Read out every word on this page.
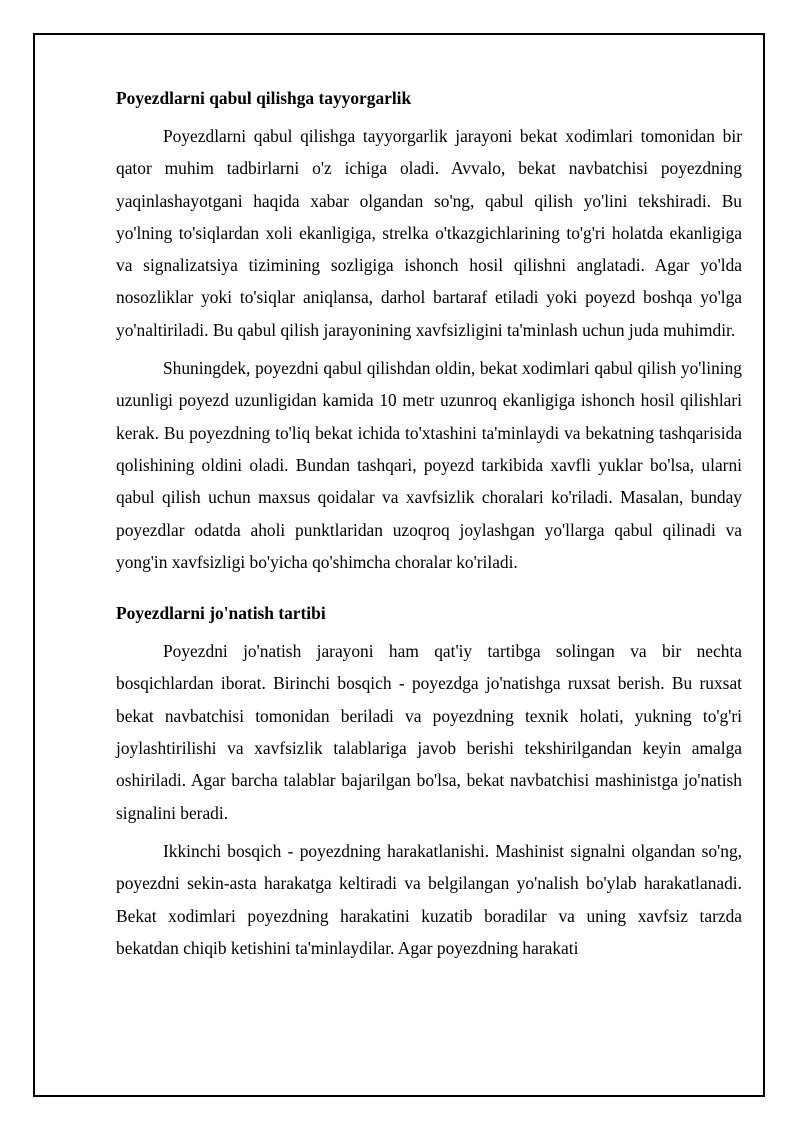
Poyezdlarni qabul qilishga tayyorgarlik

Poyezdlarni qabul qilishga tayyorgarlik jarayoni bekat xodimlari tomonidan bir qator muhim tadbirlarni o'z ichiga oladi. Avvalo, bekat navbatchisi poyezdning yaqinlashayotgani haqida xabar olgandan so'ng, qabul qilish yo'lini tekshiradi. Bu yo'lning to'siqlardan xoli ekanligiga, strelka o'tkazgichlarining to'g'ri holatda ekanligiga va signalizatsiya tizimining sozligiga ishonch hosil qilishni anglatadi. Agar yo'lda nosozliklar yoki to'siqlar aniqlansa, darhol bartaraf etiladi yoki poyezd boshqa yo'lga yo'naltiriladi. Bu qabul qilish jarayonining xavfsizligini ta'minlash uchun juda muhimdir.

Shuningdek, poyezdni qabul qilishdan oldin, bekat xodimlari qabul qilish yo'lining uzunligi poyezd uzunligidan kamida 10 metr uzunroq ekanligiga ishonch hosil qilishlari kerak. Bu poyezdning to'liq bekat ichida to'xtashini ta'minlaydi va bekatning tashqarisida qolishining oldini oladi. Bundan tashqari, poyezd tarkibida xavfli yuklar bo'lsa, ularni qabul qilish uchun maxsus qoidalar va xavfsizlik choralari ko'riladi. Masalan, bunday poyezdlar odatda aholi punktlaridan uzoqroq joylashgan yo'llarga qabul qilinadi va yong'in xavfsizligi bo'yicha qo'shimcha choralar ko'riladi.

Poyezdlarni jo'natish tartibi

Poyezdni jo'natish jarayoni ham qat'iy tartibga solingan va bir nechta bosqichlardan iborat. Birinchi bosqich - poyezdga jo'natishga ruxsat berish. Bu ruxsat bekat navbatchisi tomonidan beriladi va poyezdning texnik holati, yukning to'g'ri joylashtirilishi va xavfsizlik talablariga javob berishi tekshirilgandan keyin amalga oshiriladi. Agar barcha talablar bajarilgan bo'lsa, bekat navbatchisi mashinistga jo'natish signalini beradi.

Ikkinchi bosqich - poyezdning harakatlanishi. Mashinist signalni olgandan so'ng, poyezdni sekin-asta harakatga keltiradi va belgilangan yo'nalish bo'ylab harakatlanadi. Bekat xodimlari poyezdning harakatini kuzatib boradilar va uning xavfsiz tarzda bekatdan chiqib ketishini ta'minlaydilar. Agar poyezdning harakati
